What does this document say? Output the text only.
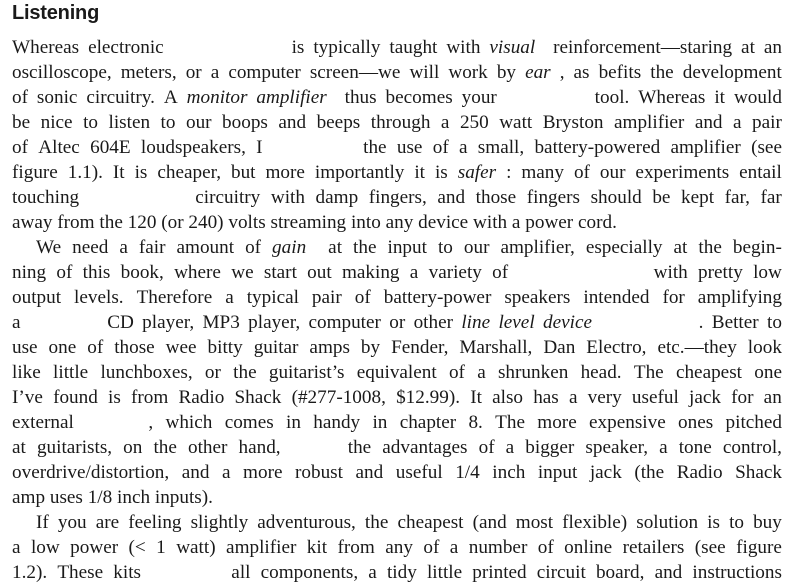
Listening
Whereas electronic	is typically taught with visual reinforcement—staring at an
oscilloscope, meters, or a computer screen—we will work by ear , as befits the development
of sonic circuitry. A monitor amplifier thus becomes your	tool. Whereas it would
be nice to listen to our boops and beeps through a 250 watt Bryston amplifier and a pair
of Altec 604E loudspeakers, I	the use of a small, battery-powered amplifier (see
figure 1.1). It is cheaper, but more importantly it is safer : many of our experiments entail
touching	circuitry with damp fingers, and those fingers should be kept far, far
away from the 120 (or 240) volts streaming into any device with a power cord.
We need a fair amount of gain at the input to our amplifier, especially at the begin-
ning of this book, where we start out making a variety of	with pretty low
output levels. Therefore a typical pair of battery-power speakers intended for amplifying
a	CD player, MP3 player, computer or other line level device	. Better to
use one of those wee bitty guitar amps by Fender, Marshall, Dan Electro, etc.—they look
like little lunchboxes, or the guitarist’s equivalent of a shrunken head. The cheapest one
I’ve found is from Radio Shack (#277-1008, $12.99). It also has a very useful jack for an
external	, which comes in handy in chapter 8. The more expensive ones pitched
at guitarists, on the other hand,	the advantages of a bigger speaker, a tone control,
overdrive/distortion, and a more robust and useful 1/4 inch input jack (the Radio Shack
amp uses 1/8 inch inputs).
If you are feeling slightly adventurous, the cheapest (and most flexible) solution is to buy
a low power (< 1 watt) amplifier kit from any of a number of online retailers (see figure
1.2). These kits	all components, a tidy little printed circuit board, and instructions
